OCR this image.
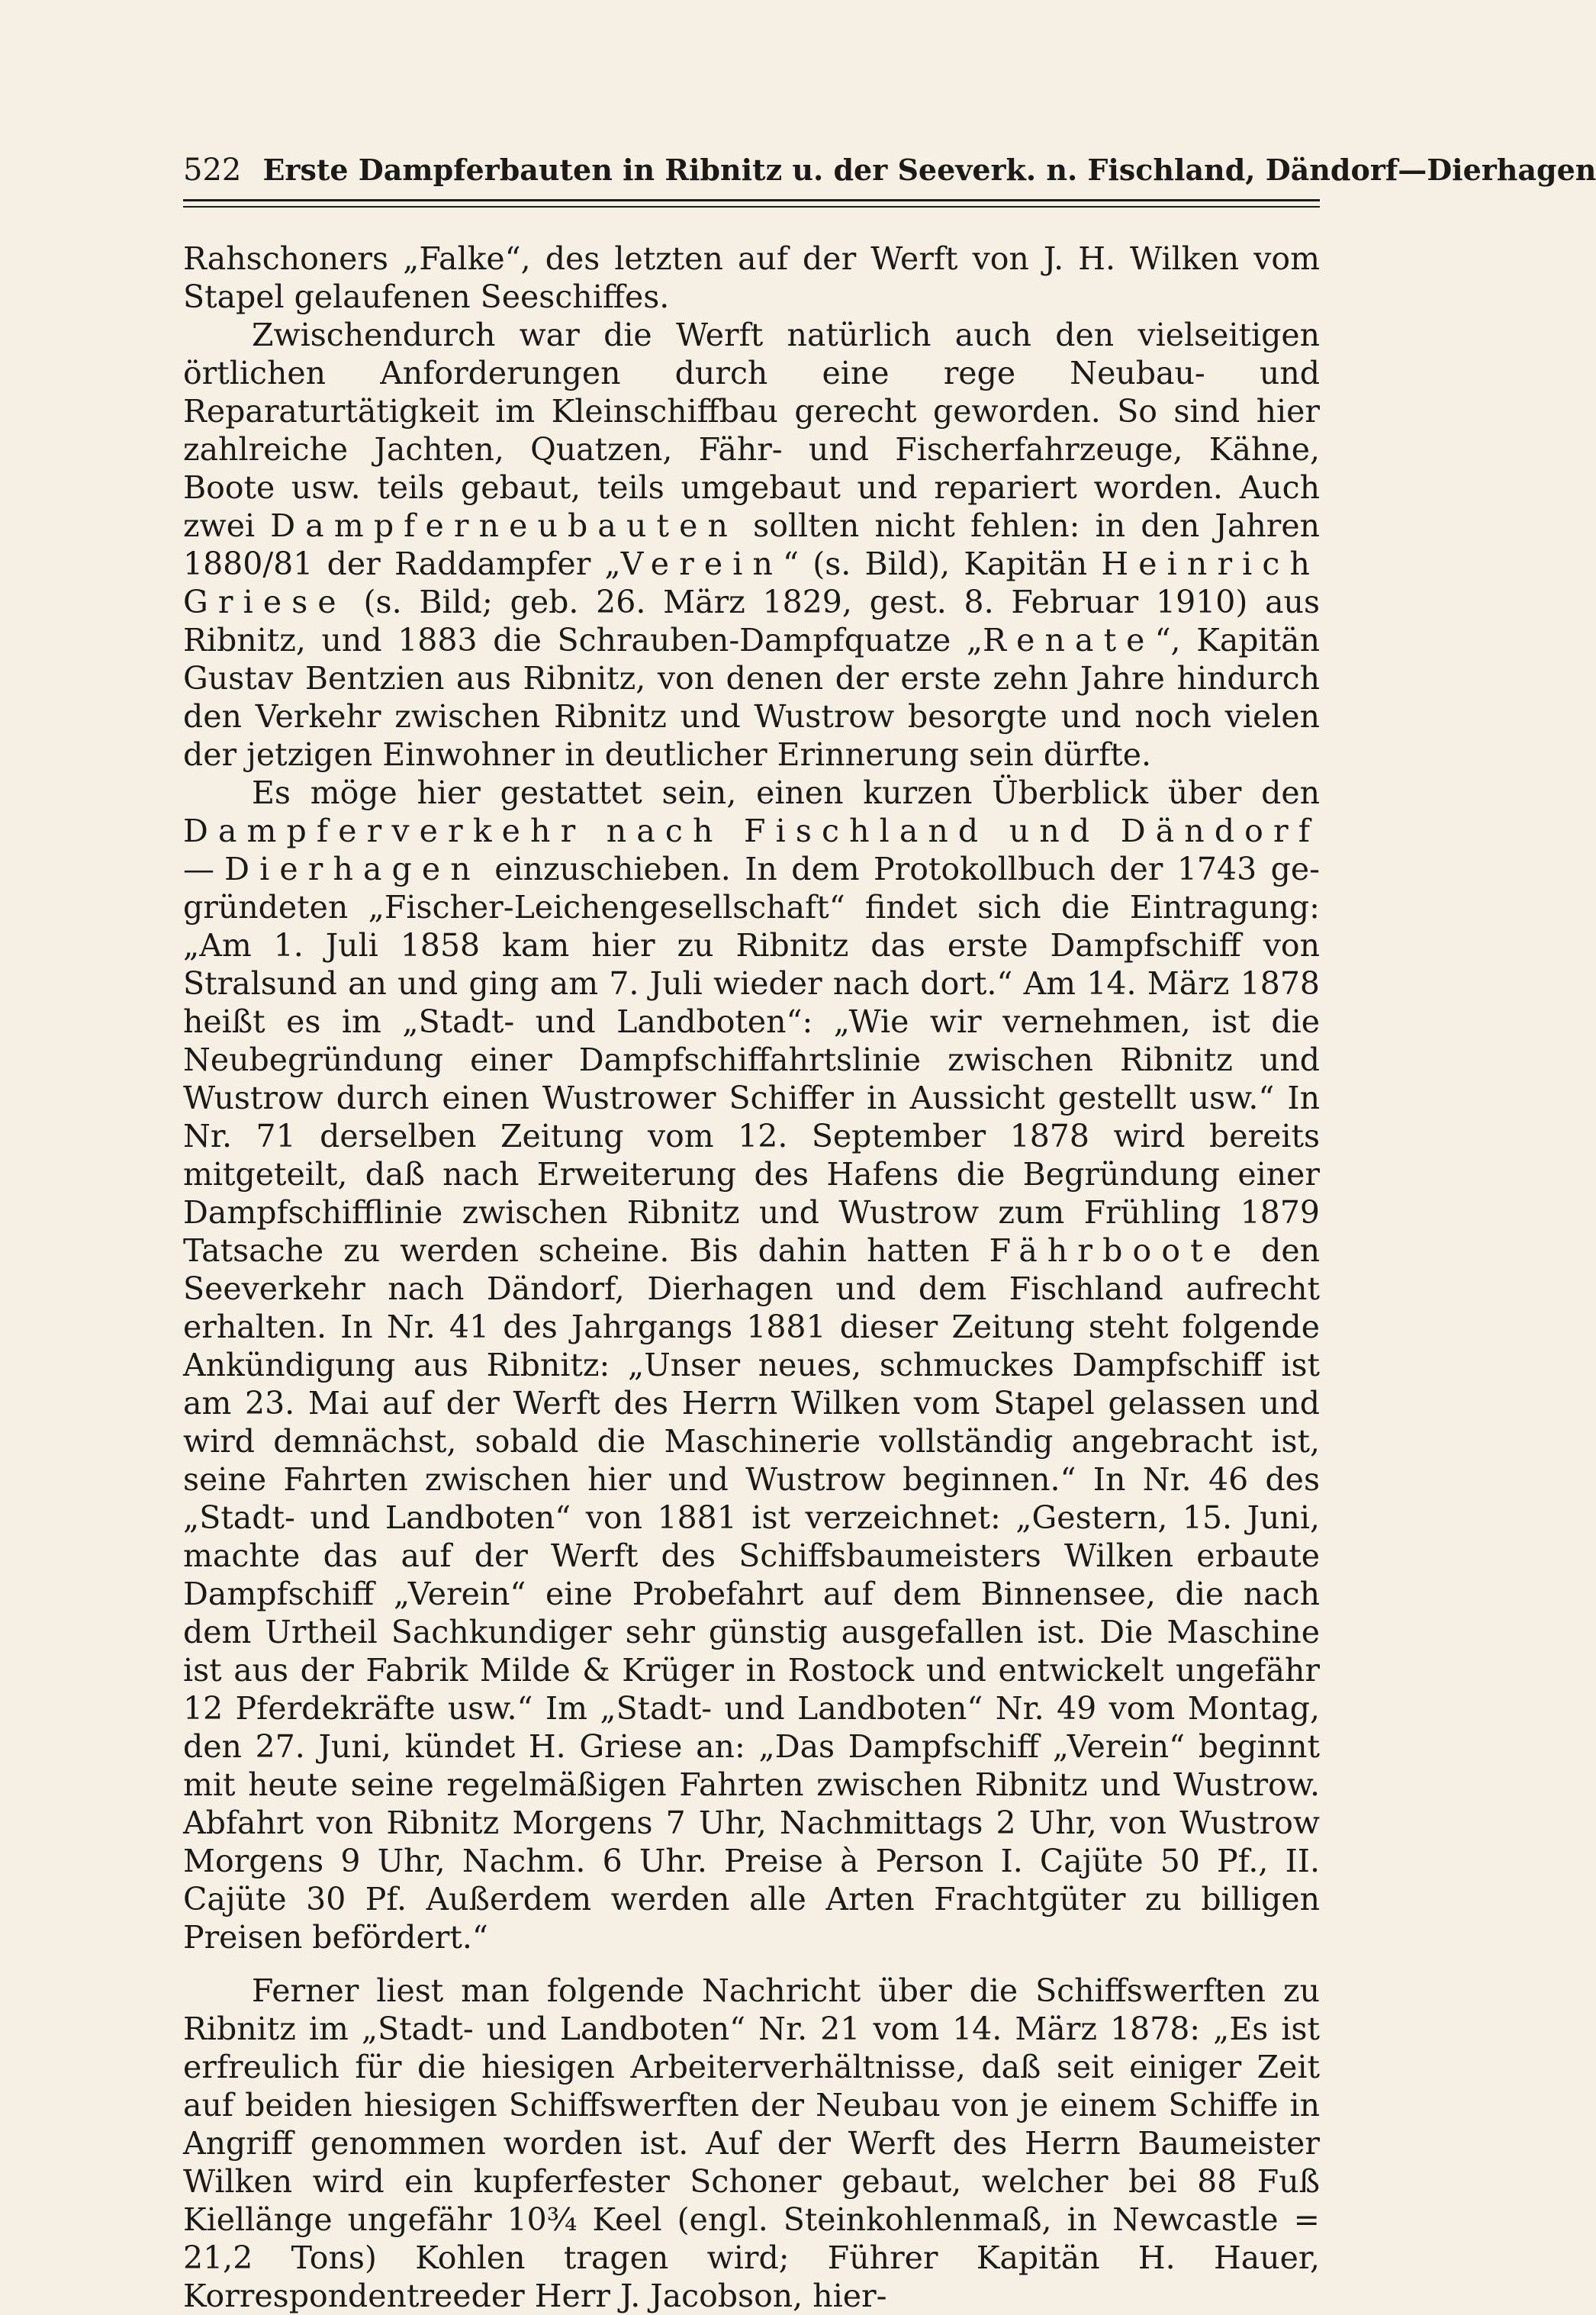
522 Erste Dampferbauten in Ribnitz u. der Seeverk. n. Fischland, Dändorf—Dierhagen

Rahschoners „Falke“, des letzten auf der Werft von J. H. Wilken vom Stapel gelaufenen Seeschiffes.

Zwischendurch war die Werft natürlich auch den vielseitigen örtlichen Anforderungen durch eine rege Neubau- und Reparaturtätigkeit im Kleinschiffbau gerecht geworden. So sind hier zahlreiche Jachten, Quatzen, Fähr- und Fischerfahrzeuge, Kähne, Boote usw. teils gebaut, teils umgebaut und repariert worden. Auch zwei Dampferneubauten sollten nicht fehlen: in den Jahren 1880/81 der Raddampfer „Verein“ (s. Bild), Kapitän Heinrich Griese (s. Bild; geb. 26. März 1829, gest. 8. Februar 1910) aus Ribnitz, und 1883 die Schrauben-Dampfquatze „Renate“, Kapitän Gustav Bentzien aus Ribnitz, von denen der erste zehn Jahre hindurch den Verkehr zwischen Ribnitz und Wustrow besorgte und noch vielen der jetzigen Einwohner in deutlicher Erinnerung sein dürfte.

Es möge hier gestattet sein, einen kurzen Überblick über den Dampferverkehr nach Fischland und Dändorf—Dierhagen einzuschieben. In dem Protokollbuch der 1743 gegründeten „Fischer-Leichengesellschaft“ findet sich die Eintragung: „Am 1. Juli 1858 kam hier zu Ribnitz das erste Dampfschiff von Stralsund an und ging am 7. Juli wieder nach dort.“ Am 14. März 1878 heißt es im „Stadt- und Landboten“: „Wie wir vernehmen, ist die Neubegründung einer Dampfschiffahrtslinie zwischen Ribnitz und Wustrow durch einen Wustrower Schiffer in Aussicht gestellt usw.“ In Nr. 71 derselben Zeitung vom 12. September 1878 wird bereits mitgeteilt, daß nach Erweiterung des Hafens die Begründung einer Dampfschifflinie zwischen Ribnitz und Wustrow zum Frühling 1879 Tatsache zu werden scheine. Bis dahin hatten Fährboote den Seeverkehr nach Dändorf, Dierhagen und dem Fischland aufrecht erhalten. In Nr. 41 des Jahrgangs 1881 dieser Zeitung steht folgende Ankündigung aus Ribnitz: „Unser neues, schmuckes Dampfschiff ist am 23. Mai auf der Werft des Herrn Wilken vom Stapel gelassen und wird demnächst, sobald die Maschinerie vollständig angebracht ist, seine Fahrten zwischen hier und Wustrow beginnen.“ In Nr. 46 des „Stadt- und Landboten“ von 1881 ist verzeichnet: „Gestern, 15. Juni, machte das auf der Werft des Schiffsbaumeisters Wilken erbaute Dampfschiff „Verein“ eine Probefahrt auf dem Binnensee, die nach dem Urtheil Sachkundiger sehr günstig ausgefallen ist. Die Maschine ist aus der Fabrik Milde & Krüger in Rostock und entwickelt ungefähr 12 Pferdekräfte usw.“ Im „Stadt- und Landboten“ Nr. 49 vom Montag, den 27. Juni, kündet H. Griese an: „Das Dampfschiff „Verein“ beginnt mit heute seine regelmäßigen Fahrten zwischen Ribnitz und Wustrow. Abfahrt von Ribnitz Morgens 7 Uhr, Nachmittags 2 Uhr, von Wustrow Morgens 9 Uhr, Nachm. 6 Uhr. Preise à Person I. Cajüte 50 Pf., II. Cajüte 30 Pf. Außerdem werden alle Arten Frachtgüter zu billigen Preisen befördert.“

Ferner liest man folgende Nachricht über die Schiffswerften zu Ribnitz im „Stadt- und Landboten“ Nr. 21 vom 14. März 1878: „Es ist erfreulich für die hiesigen Arbeiterverhältnisse, daß seit einiger Zeit auf beiden hiesigen Schiffswerften der Neubau von je einem Schiffe in Angriff genommen worden ist. Auf der Werft des Herrn Baumeister Wilken wird ein kupferfester Schoner gebaut, welcher bei 88 Fuß Kiellänge ungefähr 10¾ Keel (engl. Steinkohlenmaß, in Newcastle = 21,2 Tons) Kohlen tragen wird; Führer Kapitän H. Hauer, Korrespondentreeder Herr J. Jacobson, hier-
